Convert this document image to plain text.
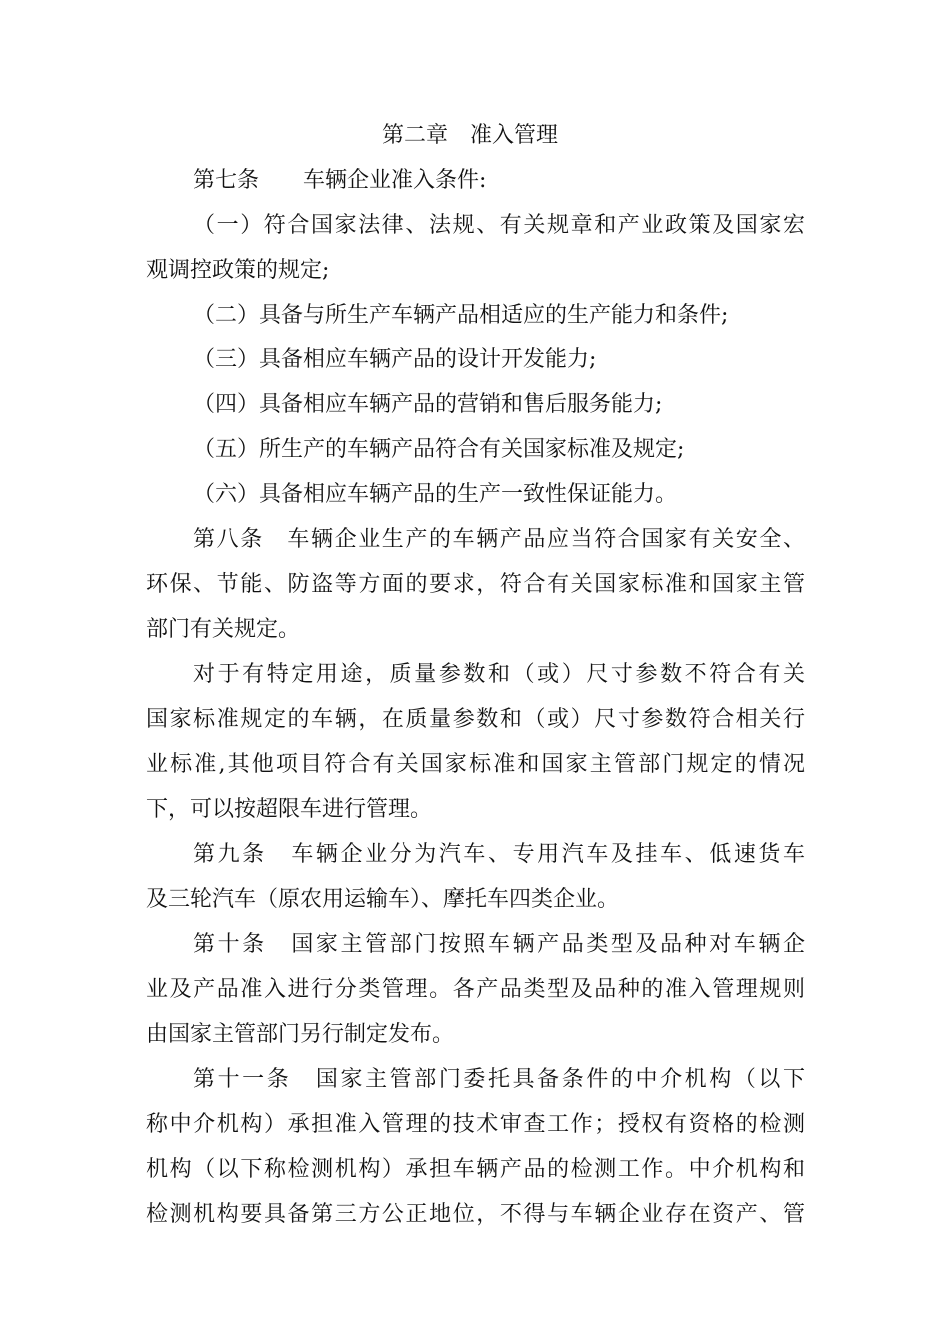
第二章　准入管理
第七条　　车辆企业准入条件:
（一）符合国家法律、法规、有关规章和产业政策及国家宏
观调控政策的规定;
（二）具备与所生产车辆产品相适应的生产能力和条件;
（三）具备相应车辆产品的设计开发能力;
（四）具备相应车辆产品的营销和售后服务能力;
（五）所生产的车辆产品符合有关国家标准及规定;
（六）具备相应车辆产品的生产一致性保证能力。
第八条　车辆企业生产的车辆产品应当符合国家有关安全、
环保、节能、防盗等方面的要求，符合有关国家标准和国家主管
部门有关规定。
对于有特定用途，质量参数和（或）尺寸参数不符合有关
国家标准规定的车辆，在质量参数和（或）尺寸参数符合相关行
业标准,其他项目符合有关国家标准和国家主管部门规定的情况
下，可以按超限车进行管理。
第九条　车辆企业分为汽车、专用汽车及挂车、低速货车
及三轮汽车（原农用运输车）、摩托车四类企业。
第十条　国家主管部门按照车辆产品类型及品种对车辆企
业及产品准入进行分类管理。各产品类型及品种的准入管理规则
由国家主管部门另行制定发布。
第十一条　国家主管部门委托具备条件的中介机构（以下
称中介机构）承担准入管理的技术审查工作；授权有资格的检测
机构（以下称检测机构）承担车辆产品的检测工作。中介机构和
检测机构要具备第三方公正地位，不得与车辆企业存在资产、管
